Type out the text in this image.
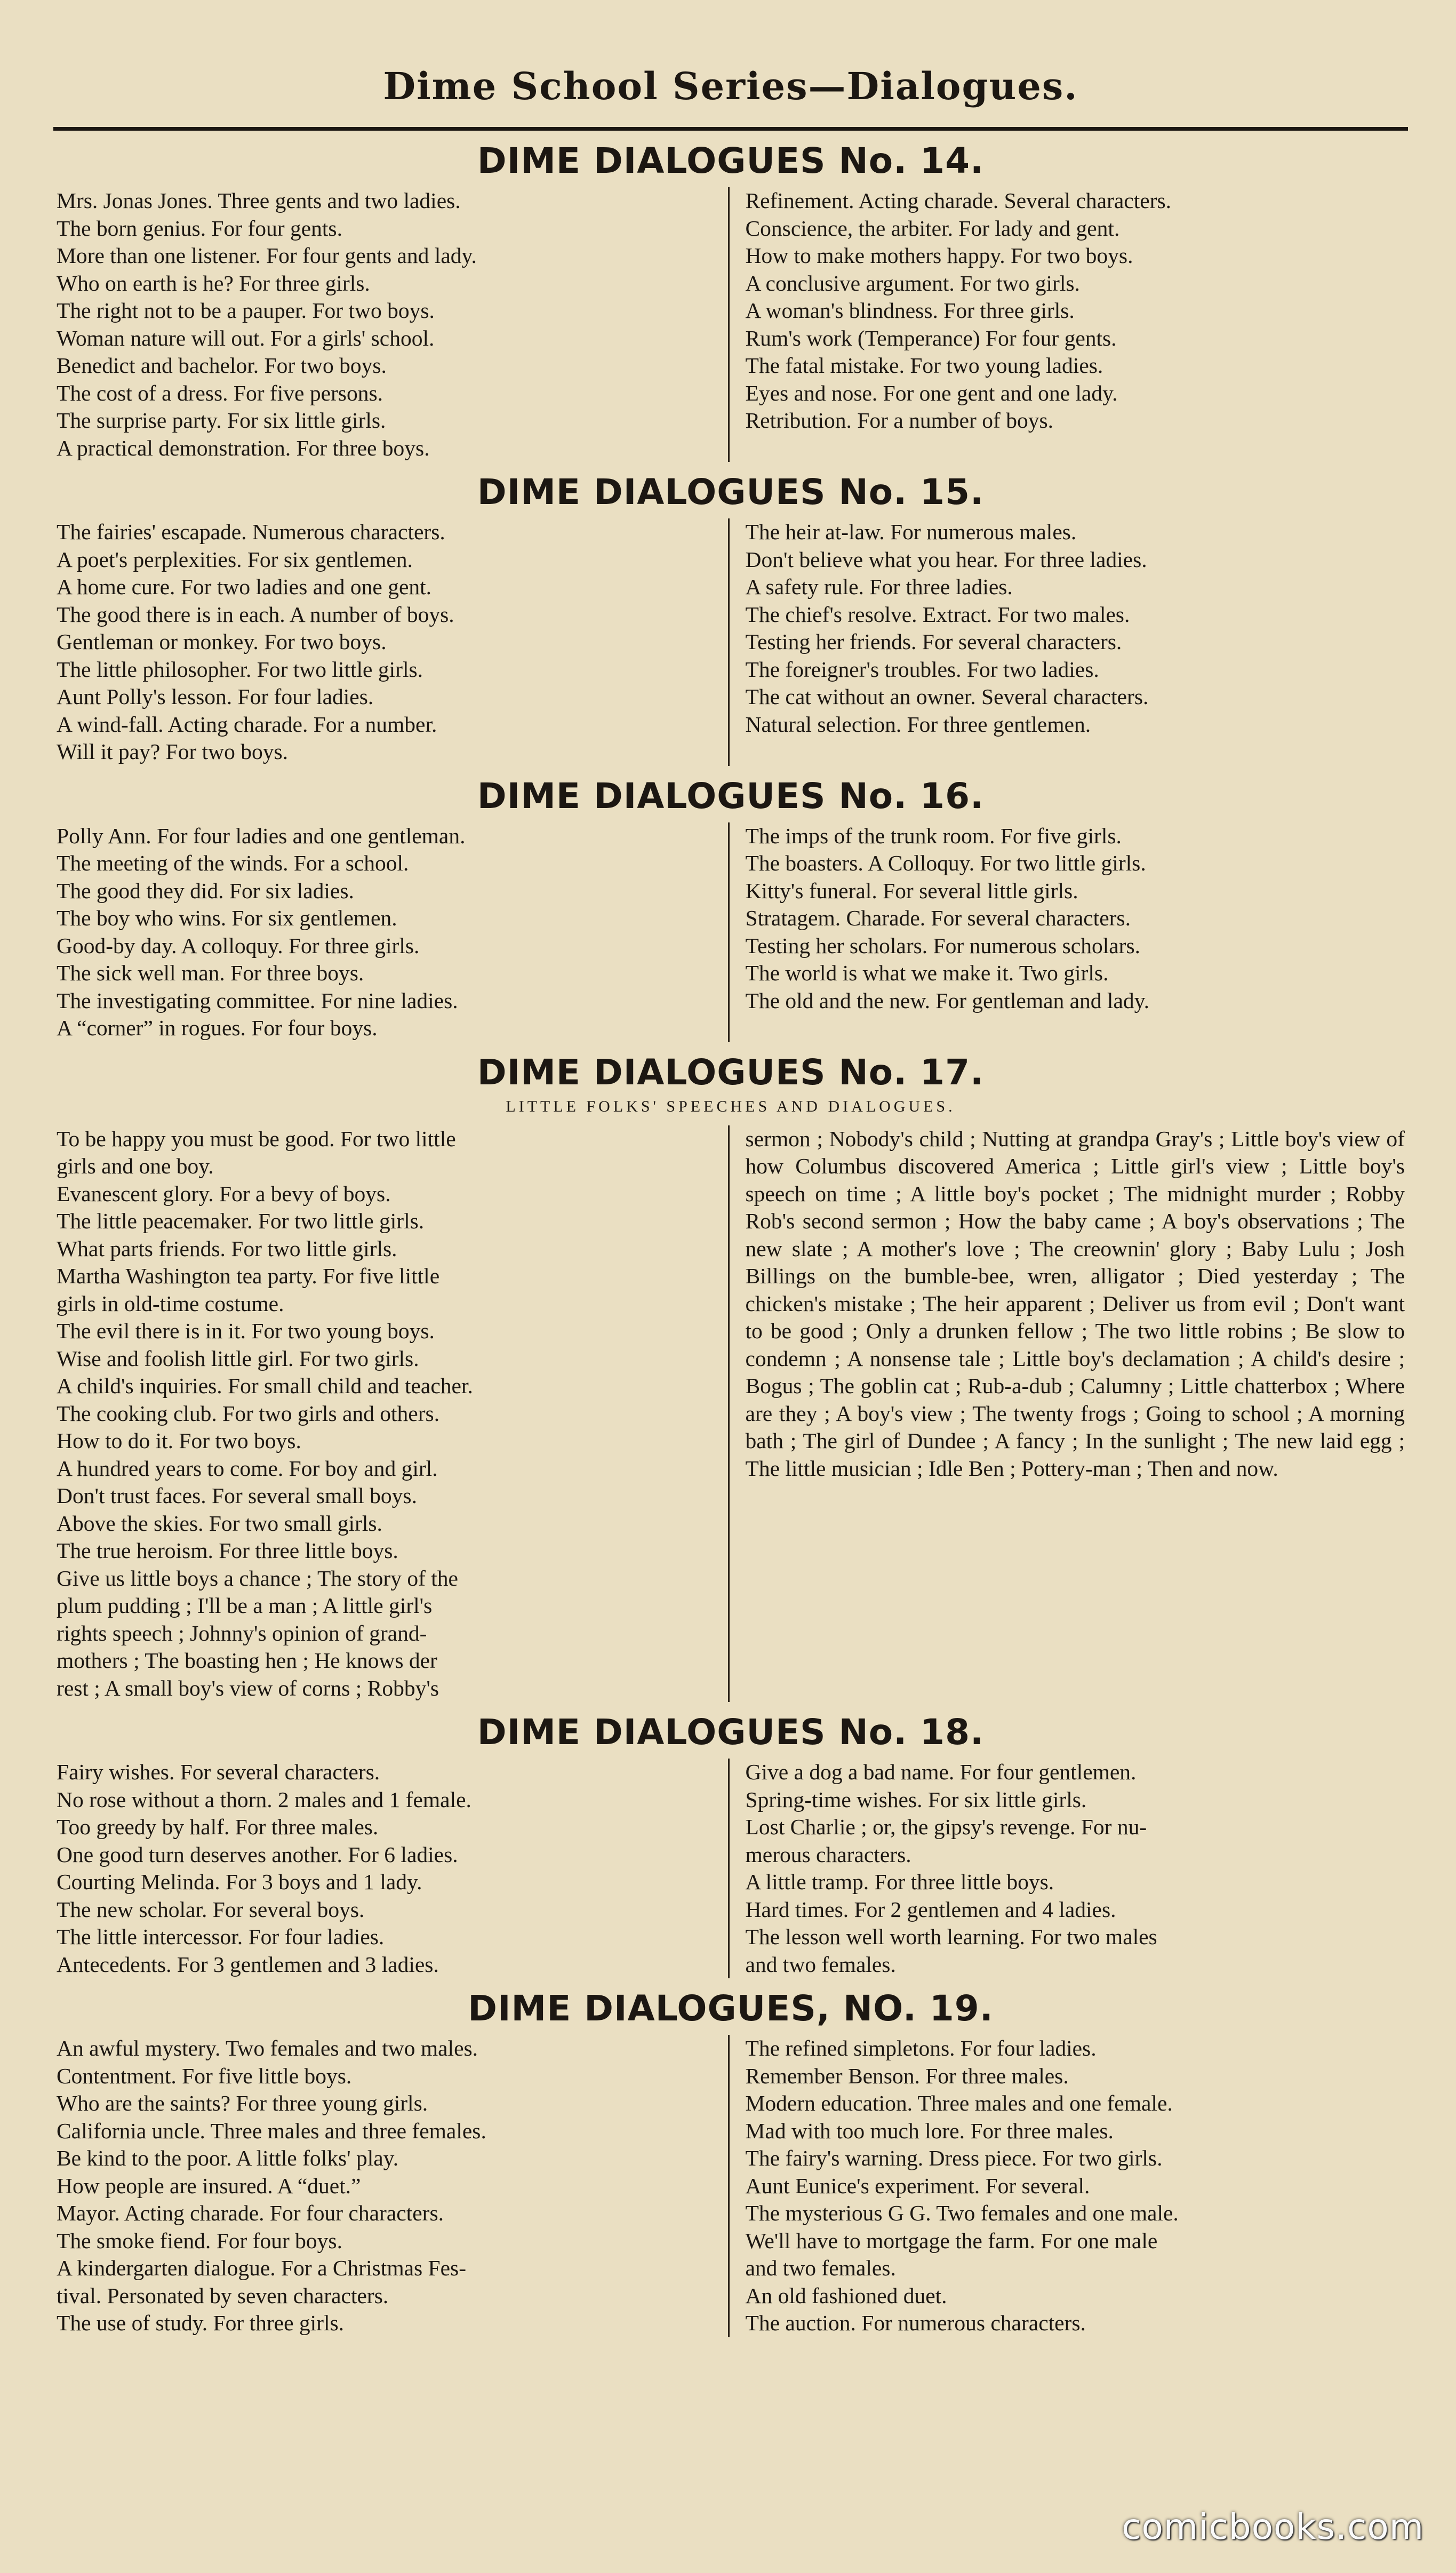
Dime School Series—Dialogues.
DIME DIALOGUES No. 14.

Mrs. Jonas Jones. Three gents and two ladies.

The born genius. For four gents.

More than one listener. For four gents and lady.

Who on earth is he? For three girls.

The right not to be a pauper. For two boys.

Woman nature will out. For a girls' school.

Benedict and bachelor. For two boys.

The cost of a dress. For five persons.

The surprise party. For six little girls.

A practical demonstration. For three boys.

Refinement. Acting charade. Several characters.

Conscience, the arbiter. For lady and gent.

How to make mothers happy. For two boys.

A conclusive argument. For two girls.

A woman's blindness. For three girls.

Rum's work (Temperance) For four gents.

The fatal mistake. For two young ladies.

Eyes and nose. For one gent and one lady.

Retribution. For a number of boys.

DIME DIALOGUES No. 15.

The fairies' escapade. Numerous characters.

A poet's perplexities. For six gentlemen.

A home cure. For two ladies and one gent.

The good there is in each. A number of boys.

Gentleman or monkey. For two boys.

The little philosopher. For two little girls.

Aunt Polly's lesson. For four ladies.

A wind-fall. Acting charade. For a number.

Will it pay? For two boys.

The heir at-law. For numerous males.

Don't believe what you hear. For three ladies.

A safety rule. For three ladies.

The chief's resolve. Extract. For two males.

Testing her friends. For several characters.

The foreigner's troubles. For two ladies.

The cat without an owner. Several characters.

Natural selection. For three gentlemen.

DIME DIALOGUES No. 16.

Polly Ann. For four ladies and one gentleman.

The meeting of the winds. For a school.

The good they did. For six ladies.

The boy who wins. For six gentlemen.

Good-by day. A colloquy. For three girls.

The sick well man. For three boys.

The investigating committee. For nine ladies.

A “corner” in rogues. For four boys.

The imps of the trunk room. For five girls.

The boasters. A Colloquy. For two little girls.

Kitty's funeral. For several little girls.

Stratagem. Charade. For several characters.

Testing her scholars. For numerous scholars.

The world is what we make it. Two girls.

The old and the new. For gentleman and lady.

DIME DIALOGUES No. 17.
LITTLE FOLKS' SPEECHES AND DIALOGUES.

To be happy you must be good. For two little

girls and one boy.

Evanescent glory. For a bevy of boys.

The little peacemaker. For two little girls.

What parts friends. For two little girls.

Martha Washington tea party. For five little

girls in old-time costume.

The evil there is in it. For two young boys.

Wise and foolish little girl. For two girls.

A child's inquiries. For small child and teacher.

The cooking club. For two girls and others.

How to do it. For two boys.

A hundred years to come. For boy and girl.

Don't trust faces. For several small boys.

Above the skies. For two small girls.

The true heroism. For three little boys.

Give us little boys a chance ; The story of the

plum pudding ; I'll be a man ; A little girl's

rights speech ; Johnny's opinion of grand-

mothers ; The boasting hen ; He knows der

rest ; A small boy's view of corns ; Robby's

sermon ; Nobody's child ; Nutting at grandpa Gray's ; Little boy's view of how Columbus discovered America ; Little girl's view ; Little boy's speech on time ; A little boy's pocket ; The midnight murder ; Robby Rob's second sermon ; How the baby came ; A boy's observations ; The new slate ; A mother's love ; The creownin' glory ; Baby Lulu ; Josh Billings on the bumble-bee, wren, alligator ; Died yesterday ; The chicken's mistake ; The heir apparent ; Deliver us from evil ; Don't want to be good ; Only a drunken fellow ; The two little robins ; Be slow to condemn ; A nonsense tale ; Little boy's declamation ; A child's desire ; Bogus ; The goblin cat ; Rub-a-dub ; Calumny ; Little chatterbox ; Where are they ; A boy's view ; The twenty frogs ; Going to school ; A morning bath ; The girl of Dundee ; A fancy ; In the sunlight ; The new laid egg ; The little musician ; Idle Ben ; Pottery-man ; Then and now.

DIME DIALOGUES No. 18.

Fairy wishes. For several characters.

No rose without a thorn. 2 males and 1 female.

Too greedy by half. For three males.

One good turn deserves another. For 6 ladies.

Courting Melinda. For 3 boys and 1 lady.

The new scholar. For several boys.

The little intercessor. For four ladies.

Antecedents. For 3 gentlemen and 3 ladies.

Give a dog a bad name. For four gentlemen.

Spring-time wishes. For six little girls.

Lost Charlie ; or, the gipsy's revenge. For nu-

merous characters.

A little tramp. For three little boys.

Hard times. For 2 gentlemen and 4 ladies.

The lesson well worth learning. For two males

and two females.

DIME DIALOGUES, NO. 19.

An awful mystery. Two females and two males.

Contentment. For five little boys.

Who are the saints? For three young girls.

California uncle. Three males and three females.

Be kind to the poor. A little folks' play.

How people are insured. A “duet.”

Mayor. Acting charade. For four characters.

The smoke fiend. For four boys.

A kindergarten dialogue. For a Christmas Fes-

tival. Personated by seven characters.

The use of study. For three girls.

The refined simpletons. For four ladies.

Remember Benson. For three males.

Modern education. Three males and one female.

Mad with too much lore. For three males.

The fairy's warning. Dress piece. For two girls.

Aunt Eunice's experiment. For several.

The mysterious G G. Two females and one male.

We'll have to mortgage the farm. For one male

and two females.

An old fashioned duet.

The auction. For numerous characters.

comicbooks.com
